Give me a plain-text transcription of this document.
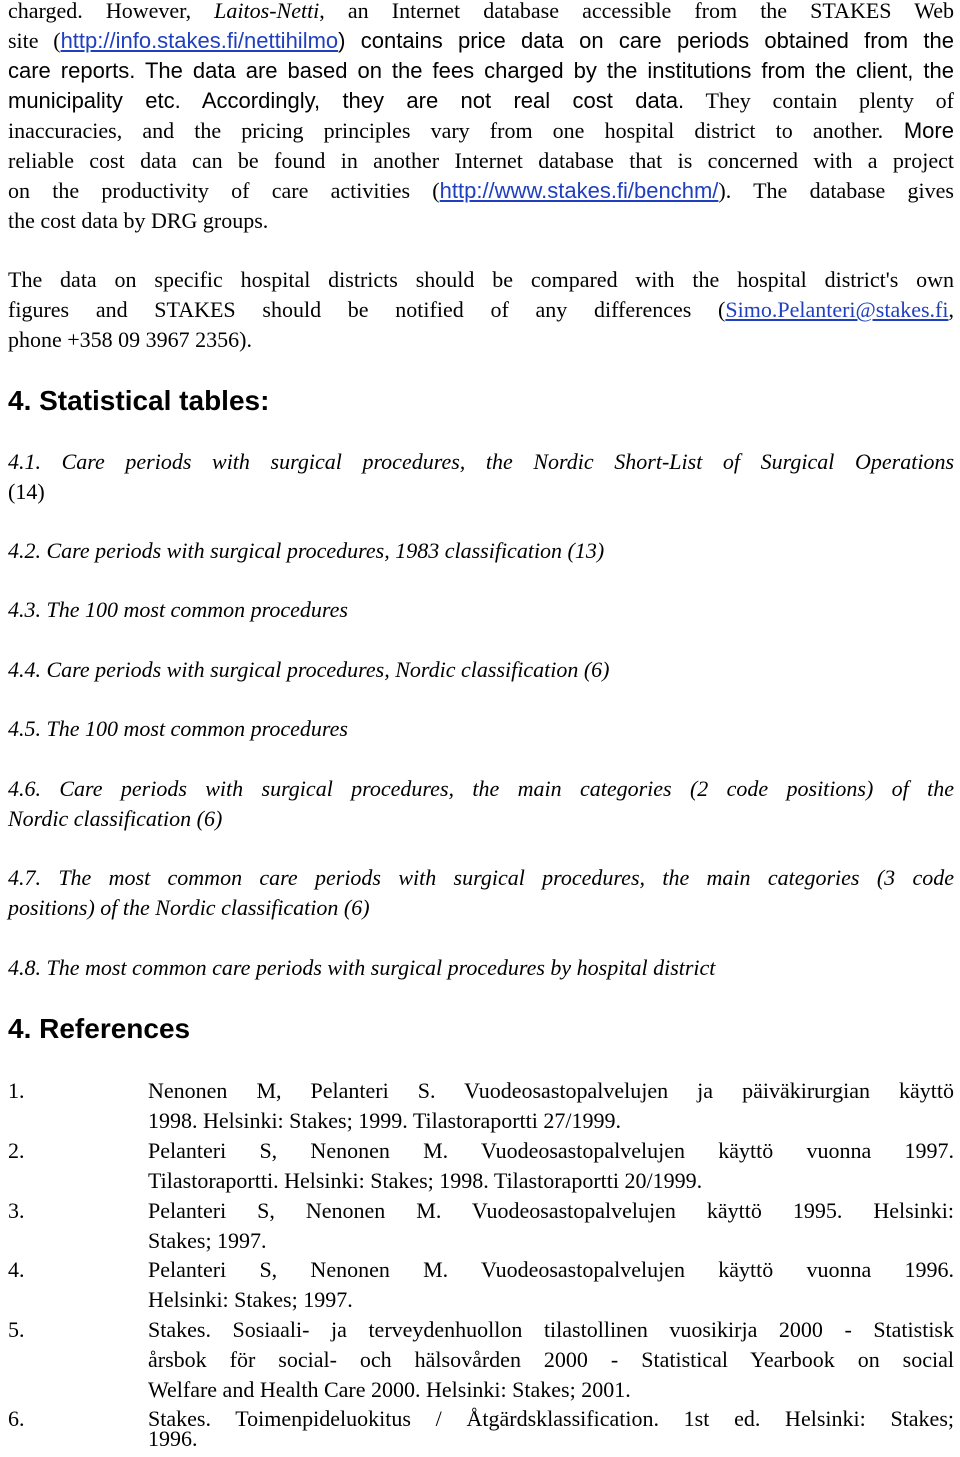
charged. However, Laitos-Netti, an Internet database accessible from the STAKES Web
site (http://info.stakes.fi/nettihilmo) contains price data on care periods obtained from the
care reports. The data are based on the fees charged by the institutions from the client, the
municipality etc. Accordingly, they are not real cost data. They contain plenty of
inaccuracies, and the pricing principles vary from one hospital district to another. More
reliable cost data can be found in another Internet database that is concerned with a project
on the productivity of care activities (http://www.stakes.fi/benchm/). The database gives
the cost data by DRG groups.
The data on specific hospital districts should be compared with the hospital district's own
figures and STAKES should be notified of any differences (Simo.Pelanteri@stakes.fi,
phone +358 09 3967 2356).
4. Statistical tables:
4.1. Care periods with surgical procedures, the Nordic Short-List of Surgical Operations
(14)
4.2. Care periods with surgical procedures, 1983 classification (13)
4.3. The 100 most common procedures
4.4. Care periods with surgical procedures, Nordic classification (6)
4.5. The 100 most common procedures
4.6. Care periods with surgical procedures, the main categories (2 code positions) of the
Nordic classification (6)
4.7. The most common care periods with surgical procedures, the main categories (3 code
positions) of the Nordic classification (6)
4.8. The most common care periods with surgical procedures by hospital district
4. References
1.	Nenonen M, Pelanteri S. Vuodeosastopalvelujen ja päiväkirurgian käyttö
1998. Helsinki: Stakes; 1999. Tilastoraportti 27/1999.
2.	Pelanteri S, Nenonen M. Vuodeosastopalvelujen käyttö vuonna 1997.
Tilastoraportti. Helsinki: Stakes; 1998. Tilastoraportti 20/1999.
3.	Pelanteri S, Nenonen M. Vuodeosastopalvelujen käyttö 1995. Helsinki:
Stakes; 1997.
4.	Pelanteri S, Nenonen M. Vuodeosastopalvelujen käyttö vuonna 1996.
Helsinki: Stakes; 1997.
5.	Stakes. Sosiaali- ja terveydenhuollon tilastollinen vuosikirja 2000 - Statistisk
årsbok för social- och hälsovården 2000 - Statistical Yearbook on social
Welfare and Health Care 2000. Helsinki: Stakes; 2001.
6.	Stakes. Toimenpideluokitus / Åtgärdsklassification. 1st ed. Helsinki: Stakes;
1996.
